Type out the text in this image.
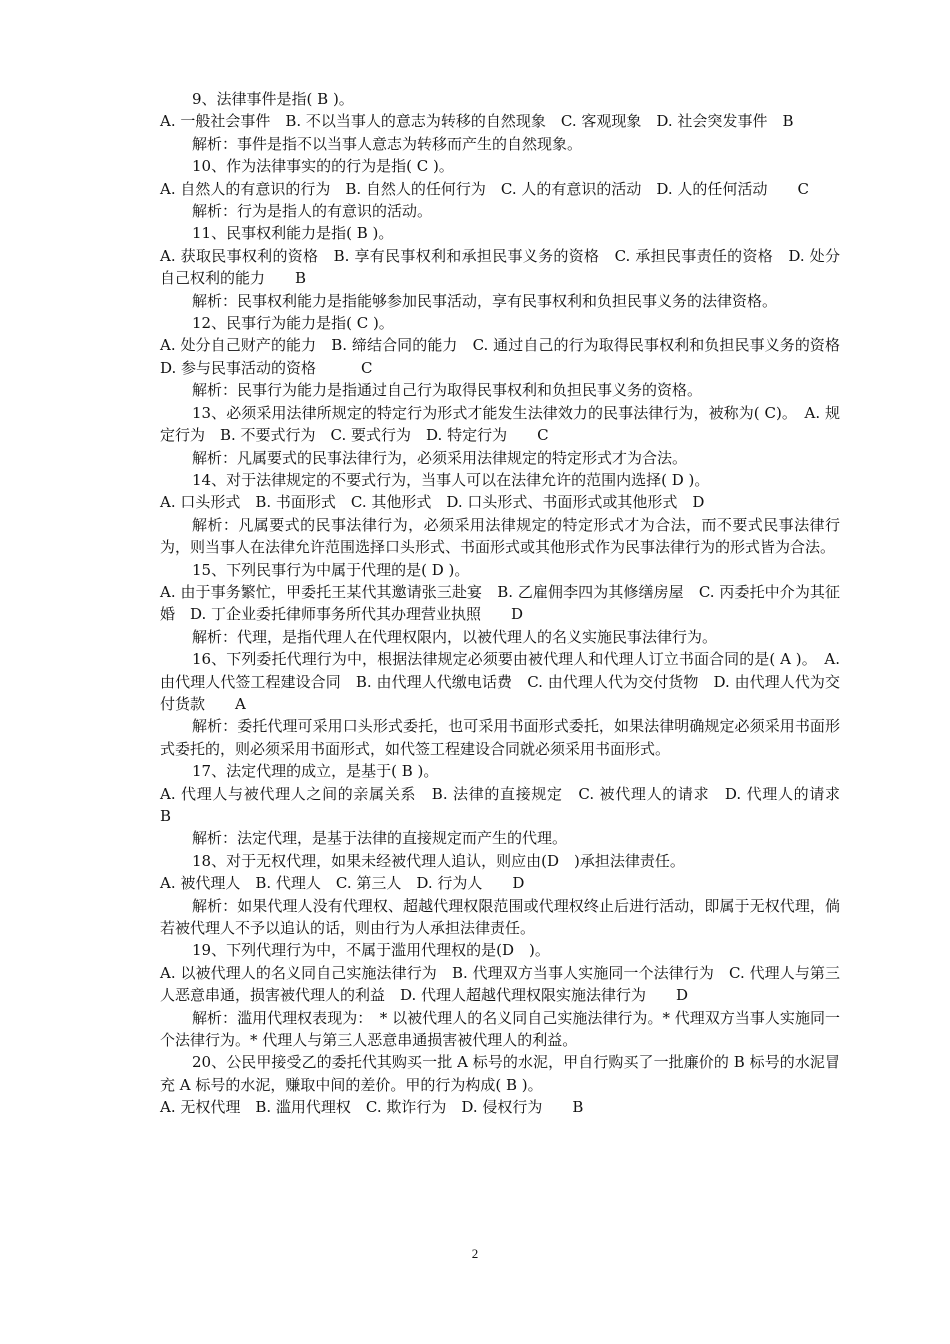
9、法律事件是指( B )。

A. 一般社会事件　B. 不以当事人的意志为转移的自然现象　C. 客观现象　D. 社会突发事件　B

解析：事件是指不以当事人意志为转移而产生的自然现象。

10、作为法律事实的的行为是指( C )。

A. 自然人的有意识的行为　B. 自然人的任何行为　C. 人的有意识的活动　D. 人的任何活动　　C

解析：行为是指人的有意识的活动。

11、民事权利能力是指( B )。

A. 获取民事权利的资格　B. 享有民事权利和承担民事义务的资格　C. 承担民事责任的资格　D. 处分自己权利的能力　　B

解析：民事权利能力是指能够参加民事活动，享有民事权利和负担民事义务的法律资格。

12、民事行为能力是指( C )。

A. 处分自己财产的能力　B. 缔结合同的能力　C. 通过自己的行为取得民事权利和负担民事义务的资格　D. 参与民事活动的资格　　　C

解析：民事行为能力是指通过自己行为取得民事权利和负担民事义务的资格。

13、必须采用法律所规定的特定行为形式才能发生法律效力的民事法律行为，被称为( C)。　A. 规定行为　B. 不要式行为　C. 要式行为　D. 特定行为　　C

解析：凡属要式的民事法律行为，必须采用法律规定的特定形式才为合法。

14、对于法律规定的不要式行为，当事人可以在法律允许的范围内选择( D )。

A. 口头形式　B. 书面形式　C. 其他形式　D. 口头形式、书面形式或其他形式　D

解析：凡属要式的民事法律行为，必须采用法律规定的特定形式才为合法，而不要式民事法律行为，则当事人在法律允许范围选择口头形式、书面形式或其他形式作为民事法律行为的形式皆为合法。

15、下列民事行为中属于代理的是( D )。

A. 由于事务繁忙，甲委托王某代其邀请张三赴宴　B. 乙雇佣李四为其修缮房屋　C. 丙委托中介为其征婚　D. 丁企业委托律师事务所代其办理营业执照　　D

解析：代理，是指代理人在代理权限内，以被代理人的名义实施民事法律行为。

16、下列委托代理行为中，根据法律规定必须要由被代理人和代理人订立书面合同的是( A )。　A. 由代理人代签工程建设合同　B. 由代理人代缴电话费　C. 由代理人代为交付货物　D. 由代理人代为交付货款　　A

解析：委托代理可采用口头形式委托，也可采用书面形式委托，如果法律明确规定必须采用书面形式委托的，则必须采用书面形式，如代签工程建设合同就必须采用书面形式。

17、法定代理的成立，是基于( B )。

A. 代理人与被代理人之间的亲属关系　B. 法律的直接规定　C. 被代理人的请求　D. 代理人的请求　　B

解析：法定代理，是基于法律的直接规定而产生的代理。

18、对于无权代理，如果未经被代理人追认，则应由(D　)承担法律责任。

A. 被代理人　B. 代理人　C. 第三人　D. 行为人　　D

解析：如果代理人没有代理权、超越代理权限范围或代理权终止后进行活动，即属于无权代理，倘若被代理人不予以追认的话，则由行为人承担法律责任。

19、下列代理行为中，不属于滥用代理权的是(D　)。

A. 以被代理人的名义同自己实施法律行为　B. 代理双方当事人实施同一个法律行为　C. 代理人与第三人恶意串通，损害被代理人的利益　D. 代理人超越代理权限实施法律行为　　D

解析：滥用代理权表现为：　* 以被代理人的名义同自己实施法律行为。* 代理双方当事人实施同一个法律行为。* 代理人与第三人恶意串通损害被代理人的利益。

20、公民甲接受乙的委托代其购买一批 A 标号的水泥，甲自行购买了一批廉价的 B 标号的水泥冒充 A 标号的水泥，赚取中间的差价。甲的行为构成( B )。

A. 无权代理　B. 滥用代理权　C. 欺诈行为　D. 侵权行为　　B

2
